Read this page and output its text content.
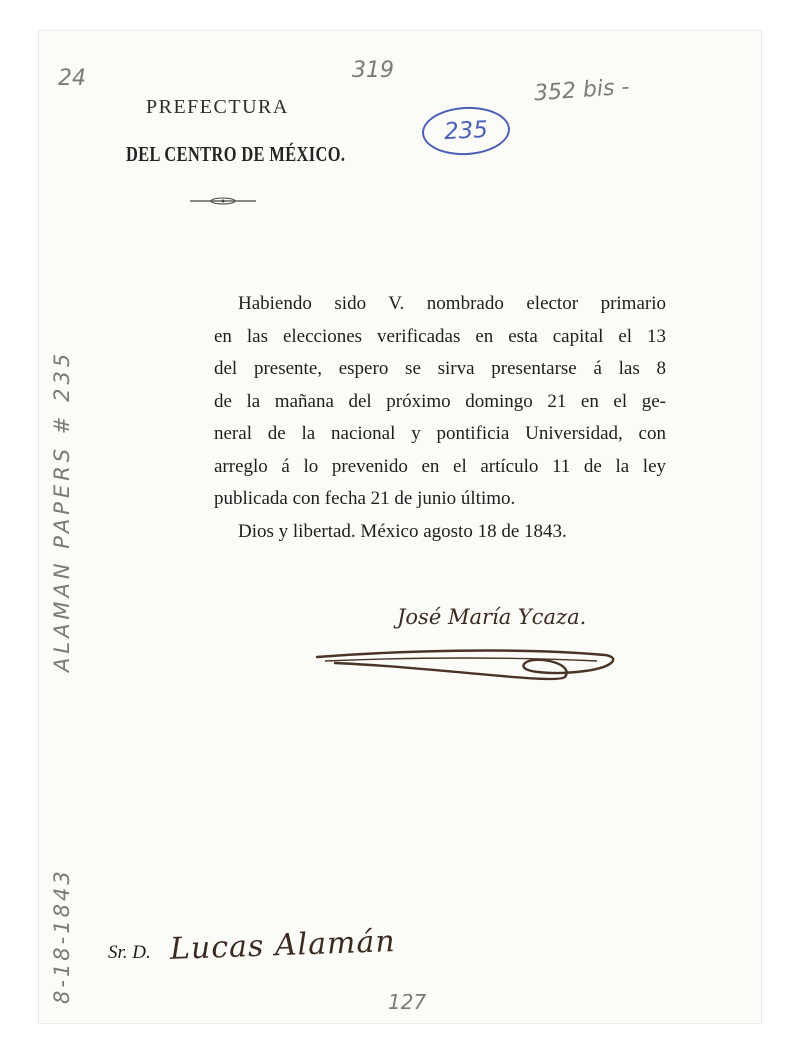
24	319
352 bis -
235
ALAMAN PAPERS # 235
8-18-1843
PREFECTURA
DEL CENTRO DE MÉXICO.
Habiendo sido V. nombrado elector primario
en las elecciones verificadas en esta capital el 13
del presente, espero se sirva presentarse á las 8
de la mañana del próximo domingo 21 en el ge-
neral de la nacional y pontificia Universidad, con
arreglo á lo prevenido en el artículo 11 de la ley
publicada con fecha 21 de junio último.
Dios y libertad. México agosto 18 de 1843.
José María Ycaza.
Sr. D. Lucas Alamán
127
